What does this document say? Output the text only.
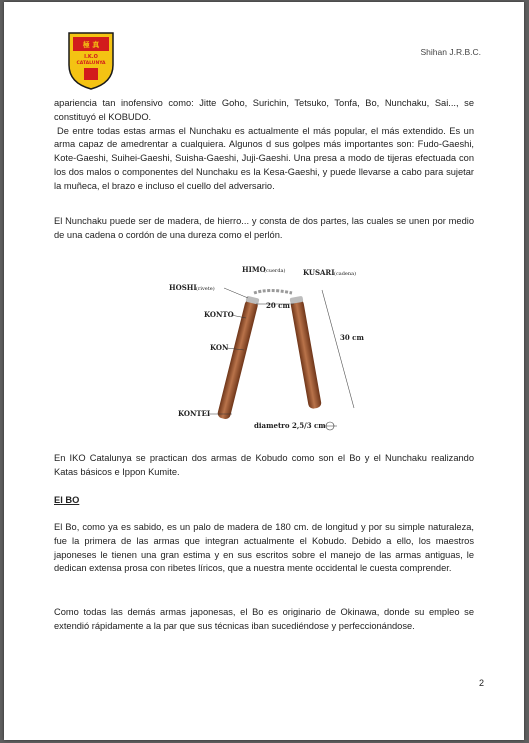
極 真
I.K.O
CATALUNYA
Shihan J.R.B.C.

apariencia tan inofensivo como: Jitte Goho, Surichin, Tetsuko, Tonfa, Bo, Nunchaku, Sai..., se constituyó el KOBUDO.

De entre todas estas armas el Nunchaku es actualmente el más popular, el más extendido. Es un arma capaz de amedrentar a cualquiera. Algunos d sus golpes más importantes son: Fudo-Gaeshi, Kote-Gaeshi, Suihei-Gaeshi, Suisha-Gaeshi, Juji-Gaeshi. Una presa a modo de tijeras efectuada con los dos malos o componentes del Nunchaku es la Kesa-Gaeshi, y puede llevarse a cabo para sujetar la muñeca, el brazo e incluso el cuello del adversario.

El Nunchaku puede ser de madera, de hierro... y consta de dos partes, las cuales se unen por medio de una cadena o cordón de una dureza como el perlón.
20 cm
30 cm
HIMO
(cuerda)	KUSARI (cadena)
HOSHI (rivete)
KONTO
KON
KONTEI
diametro 2,5/3 cm
En IKO Catalunya se practican dos armas de Kobudo como son el Bo y el Nunchaku realizando Katas básicos e Ippon Kumite.
El BO
El Bo, como ya es sabido, es un palo de madera de 180 cm. de longitud y por su simple naturaleza, fue la primera de las armas que integran actualmente el Kobudo. Debido a ello, los maestros japoneses le tienen una gran estima y en sus escritos sobre el manejo de las armas antiguas, le dedican extensa prosa con ribetes líricos, que a nuestra mente occidental le cuesta comprender.
Como todas las demás armas japonesas, el Bo es originario de Okinawa, donde su empleo se extendió rápidamente a la par que sus técnicas iban sucediéndose y perfeccionándose.
2
